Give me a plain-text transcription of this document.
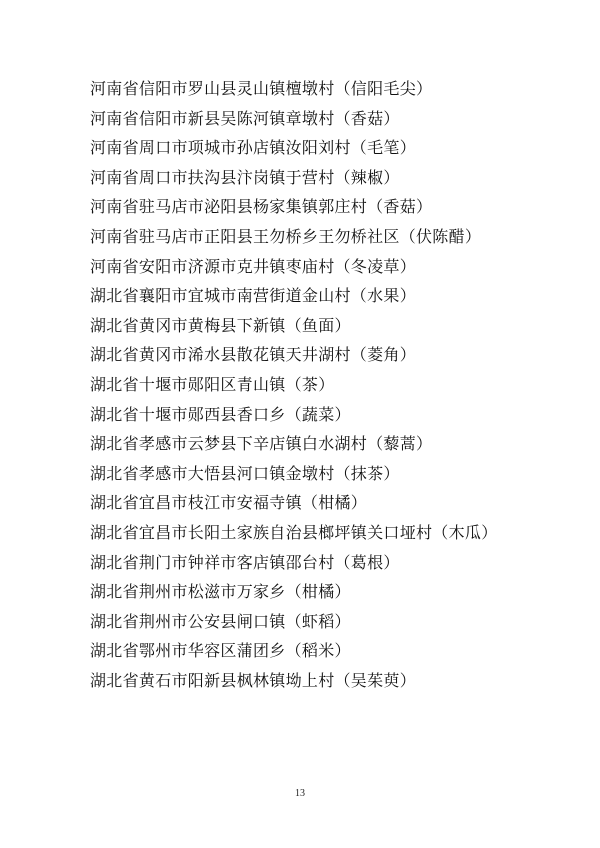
河南省信阳市罗山县灵山镇檀墩村（信阳毛尖）
河南省信阳市新县吴陈河镇章墩村（香菇）
河南省周口市项城市孙店镇汝阳刘村（毛笔）
河南省周口市扶沟县汴岗镇于营村（辣椒）
河南省驻马店市泌阳县杨家集镇郭庄村（香菇）
河南省驻马店市正阳县王勿桥乡王勿桥社区（伏陈醋）
河南省安阳市济源市克井镇枣庙村（冬凌草）
湖北省襄阳市宜城市南营街道金山村（水果）
湖北省黄冈市黄梅县下新镇（鱼面）
湖北省黄冈市浠水县散花镇天井湖村（菱角）
湖北省十堰市郧阳区青山镇（茶）
湖北省十堰市郧西县香口乡（蔬菜）
湖北省孝感市云梦县下辛店镇白水湖村（藜蒿）
湖北省孝感市大悟县河口镇金墩村（抹茶）
湖北省宜昌市枝江市安福寺镇（柑橘）
湖北省宜昌市长阳土家族自治县榔坪镇关口垭村（木瓜）
湖北省荆门市钟祥市客店镇邵台村（葛根）
湖北省荆州市松滋市万家乡（柑橘）
湖北省荆州市公安县闸口镇（虾稻）
湖北省鄂州市华容区蒲团乡（稻米）
湖北省黄石市阳新县枫林镇坳上村（吴茱萸）
13
